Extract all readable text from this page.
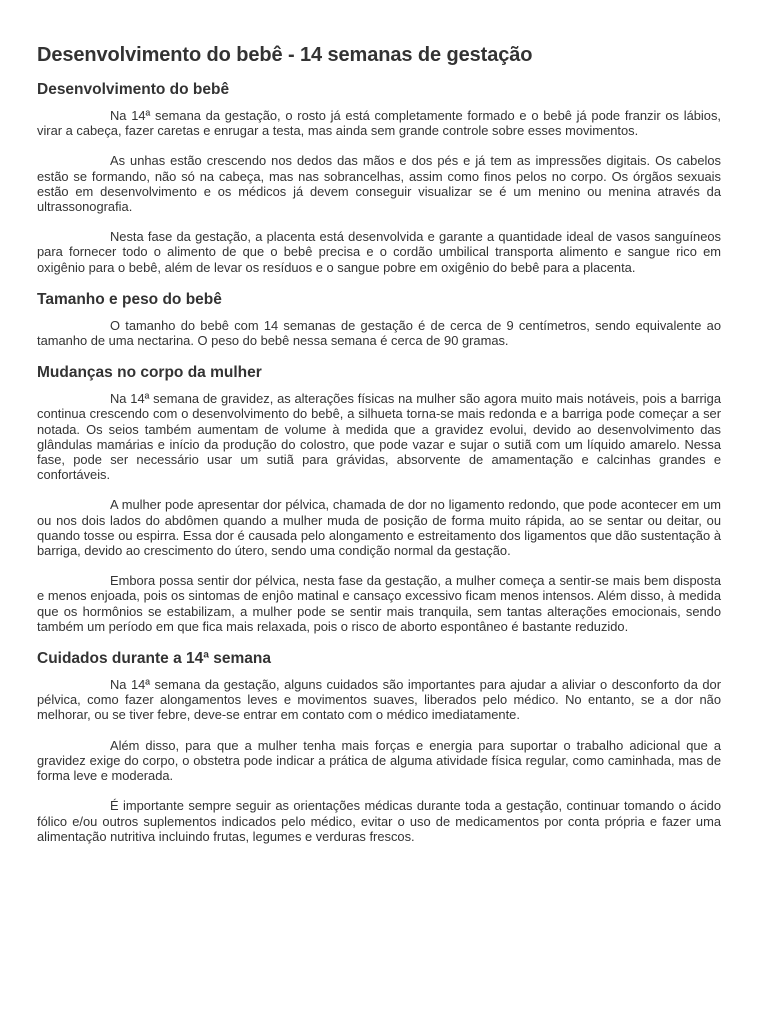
Desenvolvimento do bebê - 14 semanas de gestação
Desenvolvimento do bebê

Na 14ª semana da gestação, o rosto já está completamente formado e o bebê já pode franzir os lábios, virar a cabeça, fazer caretas e enrugar a testa, mas ainda sem grande controle sobre esses movimentos.

As unhas estão crescendo nos dedos das mãos e dos pés e já tem as impressões digitais. Os cabelos estão se formando, não só na cabeça, mas nas sobrancelhas, assim como finos pelos no corpo. Os órgãos sexuais estão em desenvolvimento e os médicos já devem conseguir visualizar se é um menino ou menina através da ultrassonografia.

Nesta fase da gestação, a placenta está desenvolvida e garante a quantidade ideal de vasos sanguíneos para fornecer todo o alimento de que o bebê precisa e o cordão umbilical transporta alimento e sangue rico em oxigênio para o bebê, além de levar os resíduos e o sangue pobre em oxigênio do bebê para a placenta.

Tamanho e peso do bebê

O tamanho do bebê com 14 semanas de gestação é de cerca de 9 centímetros, sendo equivalente ao tamanho de uma nectarina. O peso do bebê nessa semana é cerca de 90 gramas.

Mudanças no corpo da mulher

Na 14ª semana de gravidez, as alterações físicas na mulher são agora muito mais notáveis, pois a barriga continua crescendo com o desenvolvimento do bebê, a silhueta torna-se mais redonda e a barriga pode começar a ser notada. Os seios também aumentam de volume à medida que a gravidez evolui, devido ao desenvolvimento das glândulas mamárias e início da produção do colostro, que pode vazar e sujar o sutiã com um líquido amarelo. Nessa fase, pode ser necessário usar um sutiã para grávidas, absorvente de amamentação e calcinhas grandes e confortáveis.

A mulher pode apresentar dor pélvica, chamada de dor no ligamento redondo, que pode acontecer em um ou nos dois lados do abdômen quando a mulher muda de posição de forma muito rápida, ao se sentar ou deitar, ou quando tosse ou espirra. Essa dor é causada pelo alongamento e estreitamento dos ligamentos que dão sustentação à barriga, devido ao crescimento do útero, sendo uma condição normal da gestação.

Embora possa sentir dor pélvica, nesta fase da gestação, a mulher começa a sentir-se mais bem disposta e menos enjoada, pois os sintomas de enjôo matinal e cansaço excessivo ficam menos intensos. Além disso, à medida que os hormônios se estabilizam, a mulher pode se sentir mais tranquila, sem tantas alterações emocionais, sendo também um período em que fica mais relaxada, pois o risco de aborto espontâneo é bastante reduzido.

Cuidados durante a 14ª semana

Na 14ª semana da gestação, alguns cuidados são importantes para ajudar a aliviar o desconforto da dor pélvica, como fazer alongamentos leves e movimentos suaves, liberados pelo médico. No entanto, se a dor não melhorar, ou se tiver febre, deve-se entrar em contato com o médico imediatamente.

Além disso, para que a mulher tenha mais forças e energia para suportar o trabalho adicional que a gravidez exige do corpo, o obstetra pode indicar a prática de alguma atividade física regular, como caminhada, mas de forma leve e moderada.

É importante sempre seguir as orientações médicas durante toda a gestação, continuar tomando o ácido fólico e/ou outros suplementos indicados pelo médico, evitar o uso de medicamentos por conta própria e fazer uma alimentação nutritiva incluindo frutas, legumes e verduras frescos.
